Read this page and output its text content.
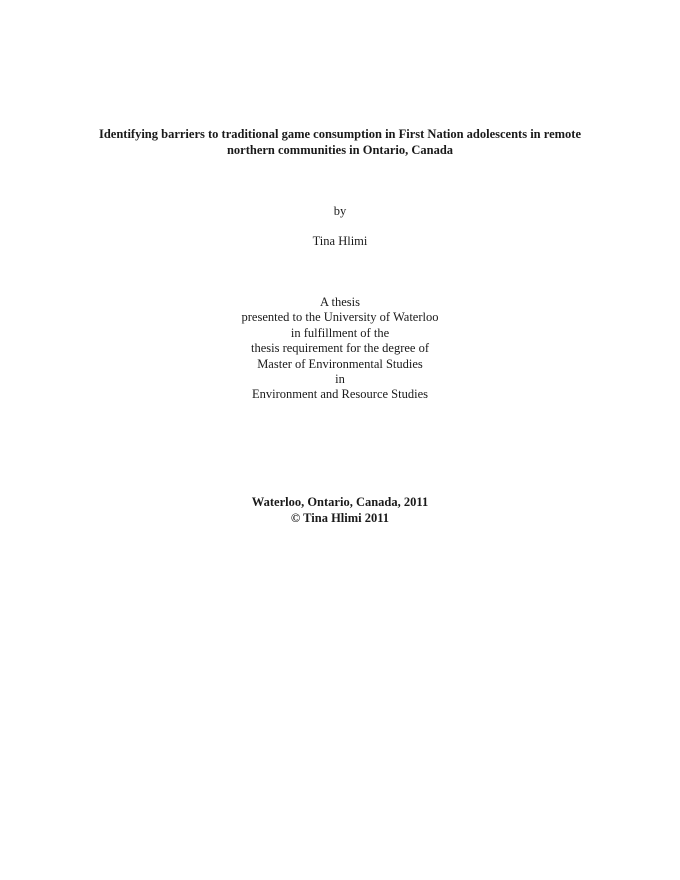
Identifying barriers to traditional game consumption in First Nation adolescents in remote
northern communities in Ontario, Canada
by
Tina Hlimi
A thesis
presented to the University of Waterloo
in fulfillment of the
thesis requirement for the degree of
Master of Environmental Studies
in
Environment and Resource Studies
Waterloo, Ontario, Canada, 2011
© Tina Hlimi 2011
